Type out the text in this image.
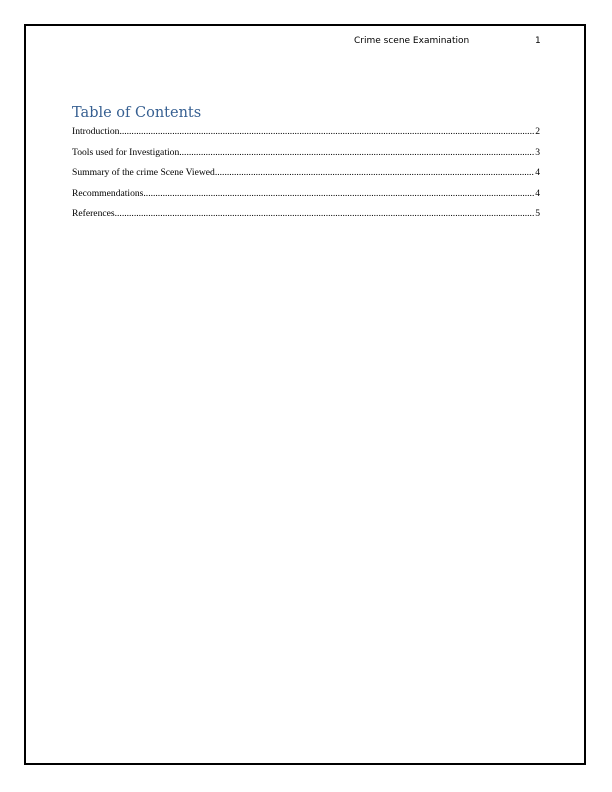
Crime scene Examination	1
Table of Contents
Introduction .....	2
Tools used for Investigation .....	3
Summary of the crime Scene Viewed .....	4
Recommendations .....	4
References .....	5
